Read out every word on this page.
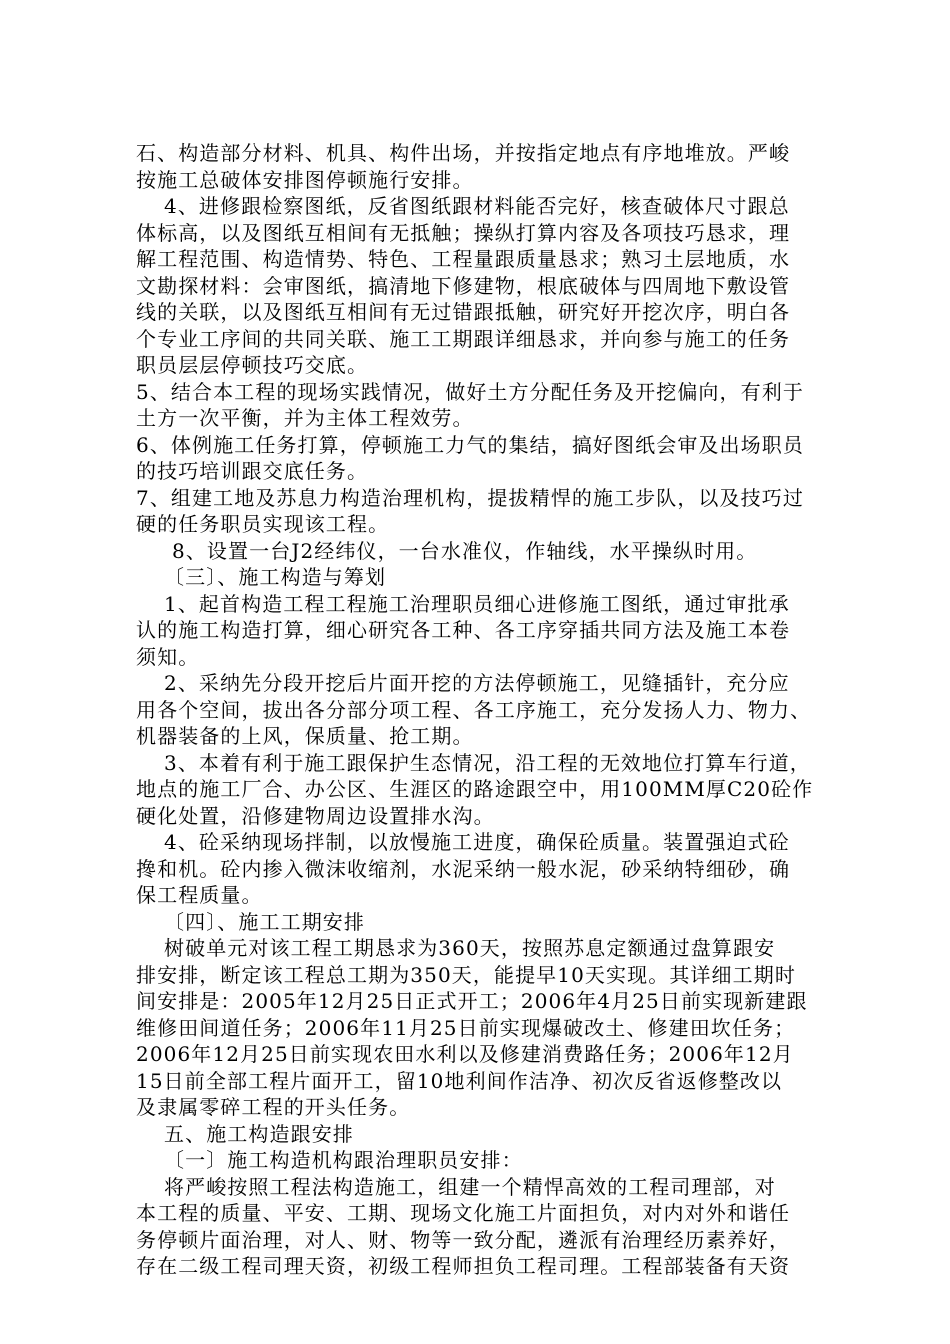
石、构造部分材料、机具、构件出场，并按指定地点有序地堆放。严峻
按施工总破体安排图停顿施行安排。
4、进修跟检察图纸，反省图纸跟材料能否完好，核查破体尺寸跟总
体标高，以及图纸互相间有无抵触；操纵打算内容及各项技巧恳求，理
解工程范围、构造情势、特色、工程量跟质量恳求；熟习土层地质，水
文勘探材料：会审图纸，搞清地下修建物，根底破体与四周地下敷设管
线的关联，以及图纸互相间有无过错跟抵触，研究好开挖次序，明白各
个专业工序间的共同关联、施工工期跟详细恳求，并向参与施工的任务
职员层层停顿技巧交底。
5、结合本工程的现场实践情况，做好土方分配任务及开挖偏向，有利于
土方一次平衡，并为主体工程效劳。
6、体例施工任务打算，停顿施工力气的集结，搞好图纸会审及出场职员
的技巧培训跟交底任务。
7、组建工地及苏息力构造治理机构，提拔精悍的施工步队，以及技巧过
硬的任务职员实现该工程。
8、设置一台J2经纬仪，一台水准仪，作轴线，水平操纵时用。
〔三〕、施工构造与筹划
1、起首构造工程工程施工治理职员细心进修施工图纸，通过审批承
认的施工构造打算，细心研究各工种、各工序穿插共同方法及施工本卷
须知。
2、采纳先分段开挖后片面开挖的方法停顿施工，见缝插针，充分应
用各个空间，拔出各分部分项工程、各工序施工，充分发扬人力、物力、
机器装备的上风，保质量、抢工期。
3、本着有利于施工跟保护生态情况，沿工程的无效地位打算车行道，
地点的施工厂合、办公区、生涯区的路途跟空中，用100MM厚C20砼作
硬化处置，沿修建物周边设置排水沟。
4、砼采纳现场拌制，以放慢施工进度，确保砼质量。装置强迫式砼
搀和机。砼内掺入微沫收缩剂，水泥采纳一般水泥，砂采纳特细砂，确
保工程质量。
〔四〕、施工工期安排
树破单元对该工程工期恳求为360天，按照苏息定额通过盘算跟安
排安排，断定该工程总工期为350天，能提早10天实现。其详细工期时
间安排是：2005年12月25日正式开工；2006年4月25日前实现新建跟
维修田间道任务；2006年11月25日前实现爆破改土、修建田坎任务；
2006年12月25日前实现农田水利以及修建消费路任务；2006年12月
15日前全部工程片面开工，留10地利间作洁净、初次反省返修整改以
及隶属零碎工程的开头任务。
五、施工构造跟安排
〔一〕施工构造机构跟治理职员安排：
将严峻按照工程法构造施工，组建一个精悍高效的工程司理部，对
本工程的质量、平安、工期、现场文化施工片面担负，对内对外和谐任
务停顿片面治理，对人、财、物等一致分配，遴派有治理经历素养好，
存在二级工程司理天资，初级工程师担负工程司理。工程部装备有天资
